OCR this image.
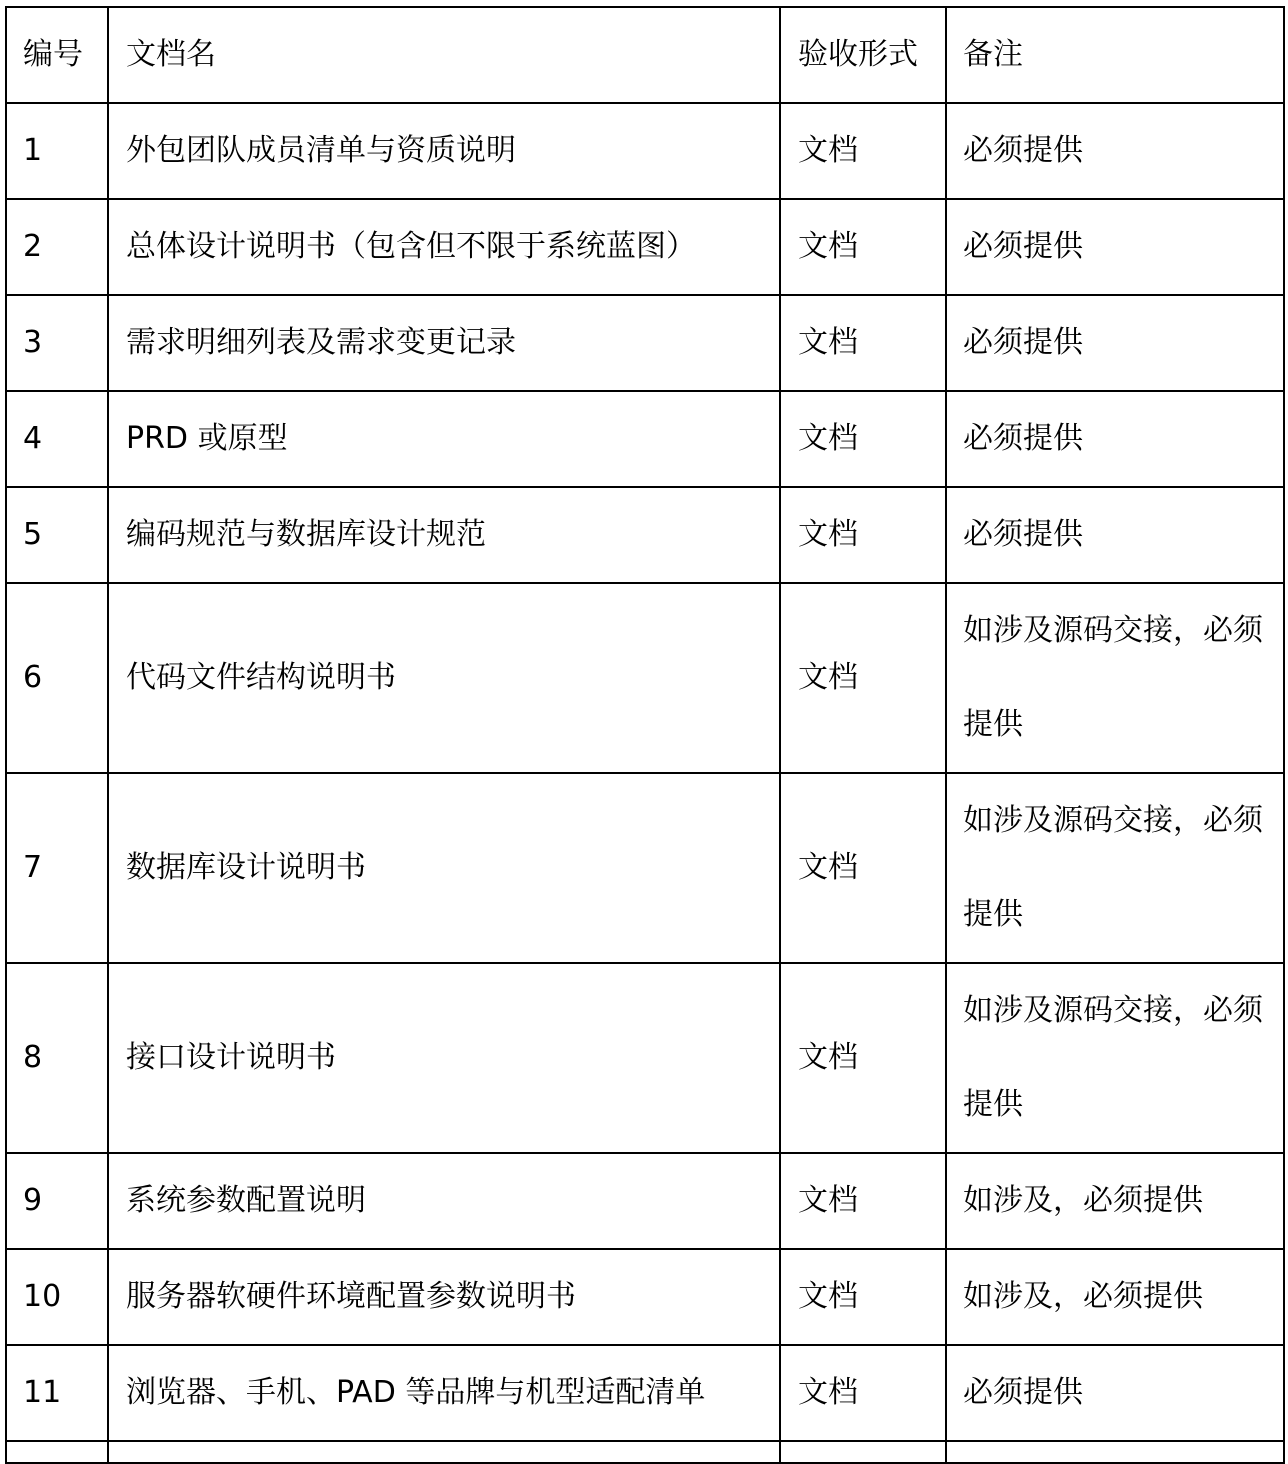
编号	文档名	验收形式	备注
1	外包团队成员清单与资质说明	文档	必须提供
2	总体设计说明书（包含但不限于系统蓝图）	文档	必须提供
3	需求明细列表及需求变更记录	文档	必须提供
4	PRD 或原型	文档	必须提供
5	编码规范与数据库设计规范	文档	必须提供
6	代码文件结构说明书	文档	如涉及源码交接，必须
提供

7	数据库设计说明书	文档	如涉及源码交接，必须
提供

8	接口设计说明书	文档	如涉及源码交接，必须
提供

9	系统参数配置说明	文档	如涉及，必须提供
10	服务器软硬件环境配置参数说明书	文档	如涉及，必须提供
11	浏览器、手机、PAD 等品牌与机型适配清单	文档	必须提供
